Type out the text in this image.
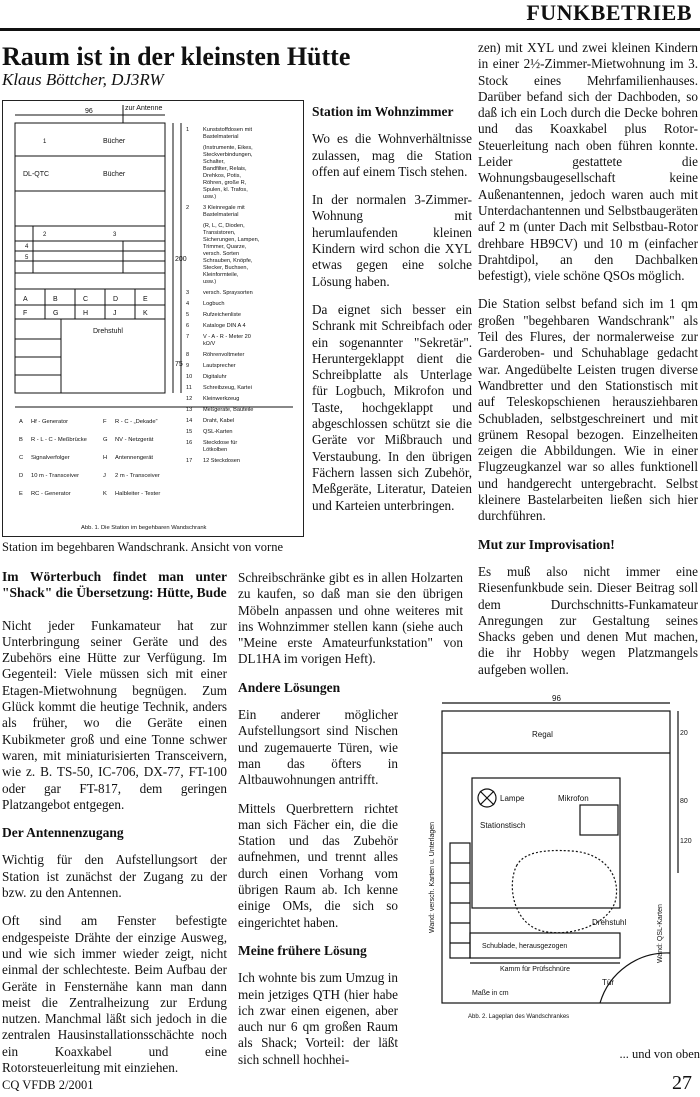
FUNKBETRIEB
Raum ist in der kleinsten Hütte
Klaus Böttcher, DJ3RW
zur Antenne
96
Bücher
DL-QTC	Bücher
Drehstuhl
200
75
A	B	C	D	E
F	G	H	J	K
1 Kunststoffdosen mit
Bastelmaterial
(Instrumente, Eikes,
Steckverbindungen,
Schalter,
Bandfilter, Relais,
Drehkos, Potis,
Röhren, große R,
Spulen, kl. Trafos,
usw.)
2 3 Kleinregale mit
Bastelmaterial
(R, L, C, Dioden,
Transistoren,
Sicherungen, Lampen,
Trimmer, Quarze,
versch. Sorten
Schrauben, Knöpfe,
Stecker, Buchsen,
Kleinformteile,
usw.)
3 versch. Spraysorten
4 Logbuch
5 Rufzeichenliste
6 Kataloge DIN A 4
7 V - A - R - Meter 20
kΩ/V
8 Röhrenvoltmeter
9 Lautsprecher
10 Digitaluhr
11 Schreibzeug, Kartei
12 Kleinwerkzeug
13 Meßgeräte, Bauteile
14 Draht, Kabel
15 QSL-Karten
16 Steckdose für
Lötkolben
17 12 Steckdosen
A Hf - Generator	F R - C - „Dekade“
B R - L - C - Meßbrücke	G NV - Netzgerät
C Signalverfolger	H Antennengerät
D 10 m - Transceiver	J 2 m - Transceiver
E RC - Generator	K Halbleiter - Tester
Abb. 1. Die Station im begehbaren Wandschrank
1
2	3
4
5
Station im begehbaren Wandschrank. Ansicht von vorne
Station im Wohnzimmer

Wo es die Wohnverhältnisse zulassen, mag die Station offen auf einem Tisch stehen.

In der normalen 3-Zimmer-Wohnung mit herumlaufenden kleinen Kindern wird schon die XYL etwas gegen eine solche Lösung haben.

Da eignet sich besser ein Schrank mit Schreibfach oder ein sogenannter "Sekretär". Heruntergeklappt dient die Schreibplatte als Unterlage für Logbuch, Mikrofon und Taste, hochgeklappt und abgeschlossen schützt sie die Geräte vor Mißbrauch und Verstaubung. In den übrigen Fächern lassen sich Zubehör, Meßgeräte, Literatur, Dateien und Karteien unterbringen.

Im Wörterbuch findet man unter "Shack" die Übersetzung: Hütte, Bude

Nicht jeder Funkamateur hat zur Unterbringung seiner Geräte und des Zubehörs eine Hütte zur Verfügung. Im Gegenteil: Viele müssen sich mit einer Etagen-Mietwohnung begnügen. Zum Glück kommt die heutige Technik, anders als früher, wo die Geräte einen Kubikmeter groß und eine Tonne schwer waren, mit miniaturisierten Transceivern, wie z. B. TS-50, IC-706, DX-77, FT-100 oder gar FT-817, dem geringen Platzangebot entgegen.

Der Antennenzugang

Wichtig für den Aufstellungsort der Station ist zunächst der Zugang zu der bzw. zu den Antennen.

Oft sind am Fenster befestigte endgespeiste Drähte der einzige Ausweg, und wie sich immer wieder zeigt, nicht einmal der schlechteste. Beim Aufbau der Geräte in Fensternähe kann man dann meist die Zentralheizung zur Erdung nutzen. Manchmal läßt sich jedoch in die zentralen Hausinstallationsschächte noch ein Koaxkabel und eine Rotorsteuerleitung mit einziehen.

Schreibschränke gibt es in allen Holzarten zu kaufen, so daß man sie den übrigen Möbeln anpassen und ohne weiteres mit ins Wohnzimmer stellen kann (siehe auch "Meine erste Amateurfunkstation" von DL1HA im vorigen Heft).

Andere Lösungen

Ein anderer möglicher Aufstellungsort sind Nischen und zugemauerte Türen, wie man das öfters in Altbauwohnungen antrifft.

Mittels Querbrettern richtet man sich Fächer ein, die die Station und das Zubehör aufnehmen, und trennt alles durch einen Vorhang vom übrigen Raum ab. Ich kenne einige OMs, die sich so eingerichtet haben.

Meine frühere Lösung

Ich wohnte bis zum Umzug in mein jetziges QTH (hier habe ich zwar einen eigenen, aber auch nur 6 qm großen Raum als Shack; Vorteil: der läßt sich schnell hochhei-

zen) mit XYL und zwei kleinen Kindern in einer 2½-Zimmer-Mietwohnung im 3. Stock eines Mehrfamilienhauses. Darüber befand sich der Dachboden, so daß ich ein Loch durch die Decke bohren und das Koaxkabel plus Rotor-Steuerleitung nach oben führen konnte. Leider gestattete die Wohnungsbaugesellschaft keine Außenantennen, jedoch waren auch mit Unterdachantennen und Selbstbaugeräten auf 2 m (unter Dach mit Selbstbau-Rotor drehbare HB9CV) und 10 m (einfacher Drahtdipol, an den Dachbalken befestigt), viele schöne QSOs möglich.

Die Station selbst befand sich im 1 qm großen "begehbaren Wandschrank" als Teil des Flures, der normalerweise zur Garderoben- und Schuhablage gedacht war. Angedübelte Leisten trugen diverse Wandbretter und den Stationstisch mit auf Teleskopschienen herausziehbaren Schubladen, selbstgeschreinert und mit grünem Resopal bezogen. Einzelheiten zeigen die Abbildungen. Wie in einer Flugzeugkanzel war so alles funktionell und handgerecht untergebracht. Selbst kleinere Bastelarbeiten ließen sich hier durchführen.

Mut zur Improvisation!

Es muß also nicht immer eine Riesenfunkbude sein. Dieser Beitrag soll dem Durchschnitts-Funkamateur Anregungen zur Gestaltung seines Shacks geben und denen Mut machen, die ihr Hobby wegen Platzmangels aufgeben wollen.

96
Regal
Lampe	Mikrofon
Stationstisch
Drehstuhl
Schublade, herausgezogen
Kamm für Prüfschnüre
Tür
Maße in cm
20
80
120
Wand: versch. Karten u. Unterlagen
Wand: QSL-Karten
Abb. 2. Lageplan des Wandschrankes
... und von oben
CQ VFDB 2/2001	27
